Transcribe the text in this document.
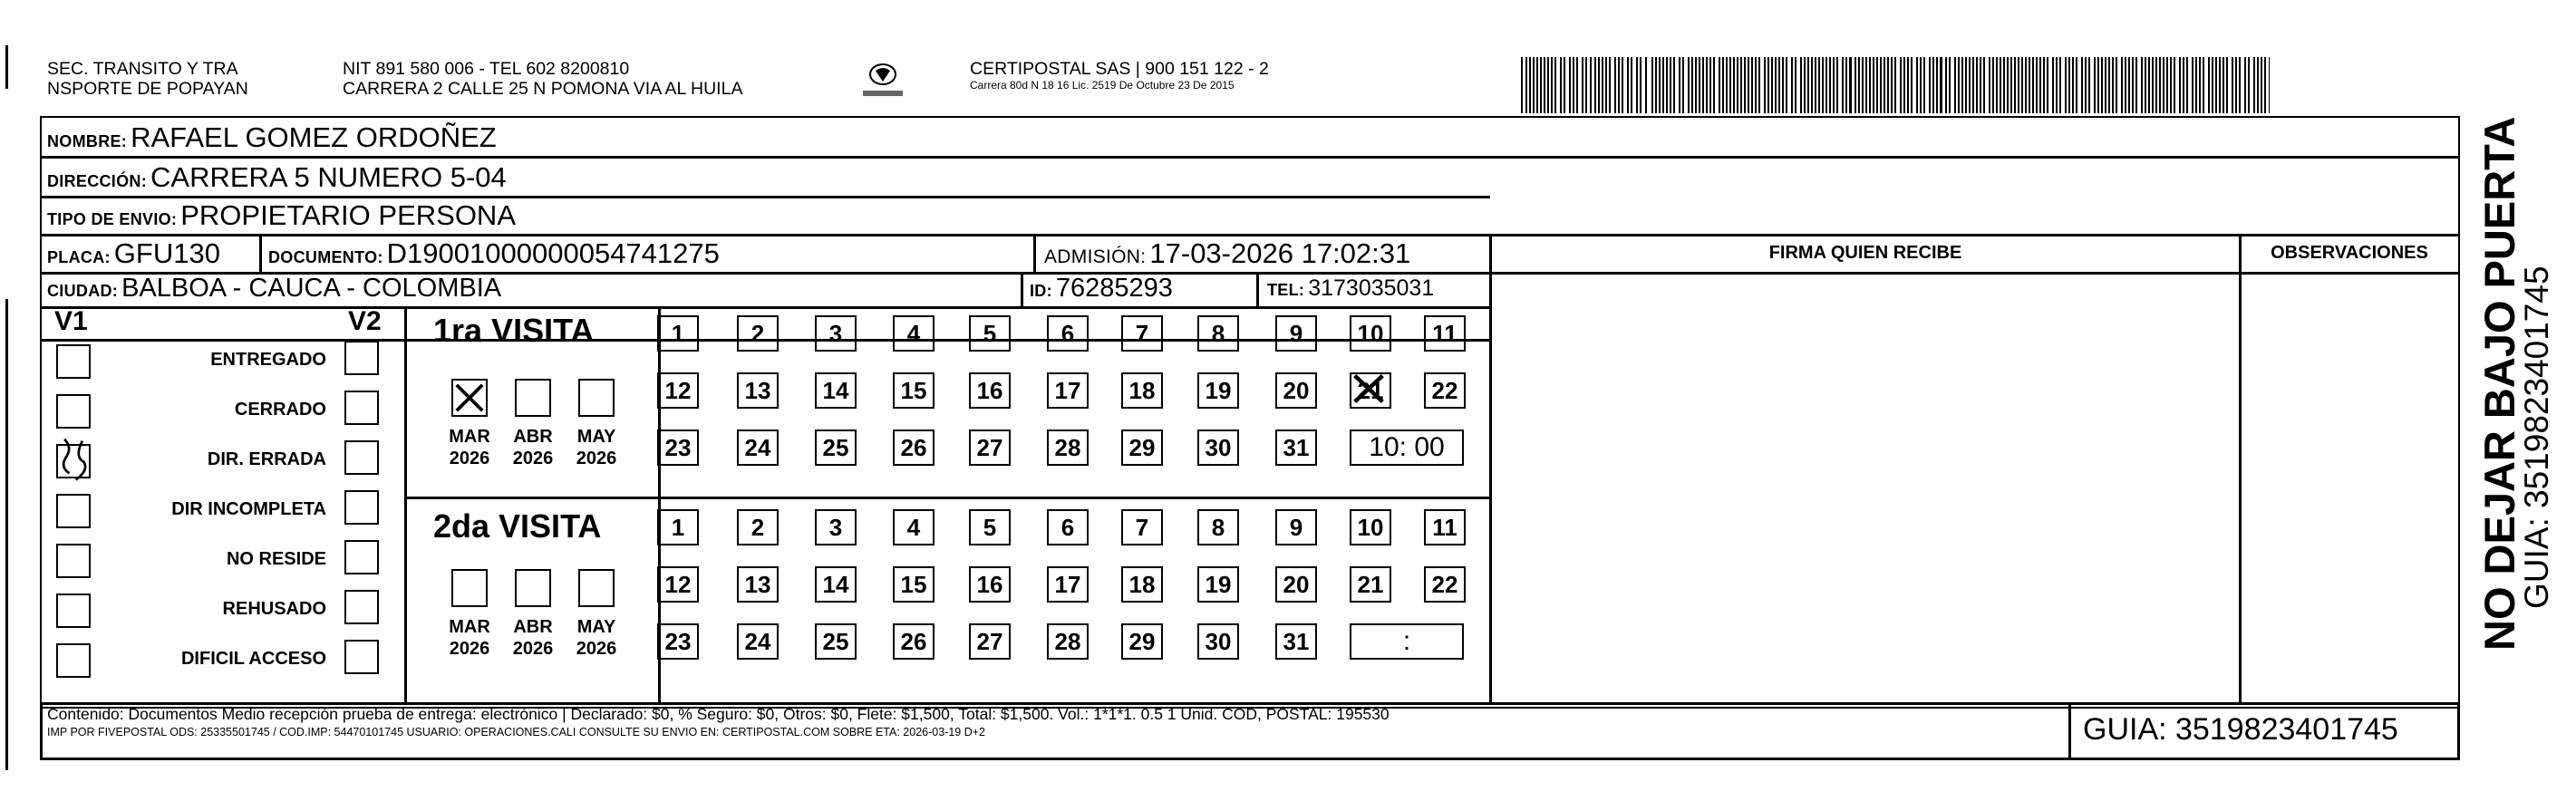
SEC. TRANSITO Y TRA
NSPORTE DE POPAYAN
NIT 891 580 006 - TEL 602 8200810
CARRERA 2 CALLE 25 N POMONA VIA AL HUILA
CERTIPOSTAL SAS | 900 151 122 - 2
Carrera 80d N 18 16 Lic. 2519 De Octubre 23 De 2015
FIRMA QUIEN RECIBE	OBSERVACIONES
NOMBRE: RAFAEL GOMEZ ORDOÑEZ
DIRECCIÓN: CARRERA 5 NUMERO 5-04
TIPO DE ENVIO: PROPIETARIO PERSONA
PLACA: GFU130	DOCUMENTO: D19001000000054741275	ADMISIÓN: 17-03-2026 17:02:31
CIUDAD: BALBOA - CAUCA - COLOMBIA	ID: 76285293	TEL: 3173035031
V1	V2
ENTREGADO
CERRADO
DIR. ERRADA
DIR INCOMPLETA
NO RESIDE
REHUSADO
DIFICIL ACCESO
1ra VISITA
2da VISITA
MAR
2026
ABR
2026
MAY
2026
1	2	3	4	5	6	7	8	9	10	11
12	13	14	15	16	17	18	19	20	21	22
23	24	25	26	27	28	29	30	31	10: 00
MAR
2026
ABR
2026
MAY
2026
1	2	3	4	5	6	7	8	9	10	11
12	13	14	15	16	17	18	19	20	21	22
23	24	25	26	27	28	29	30	31	:
Contenido: Documentos Medio recepción prueba de entrega: electrónico | Declarado: $0, % Seguro: $0, Otros: $0, Flete: $1,500, Total: $1,500. Vol.: 1*1*1. 0.5 1 Unid. COD, POSTAL: 195530
IMP POR FIVEPOSTAL ODS: 25335501745 / COD.IMP: 54470101745 USUARIO: OPERACIONES.CALI CONSULTE SU ENVIO EN: CERTIPOSTAL.COM SOBRE ETA: 2026-03-19 D+2	GUIA: 3519823401745
NO DEJAR BAJO PUERTA
GUIA: 3519823401745
